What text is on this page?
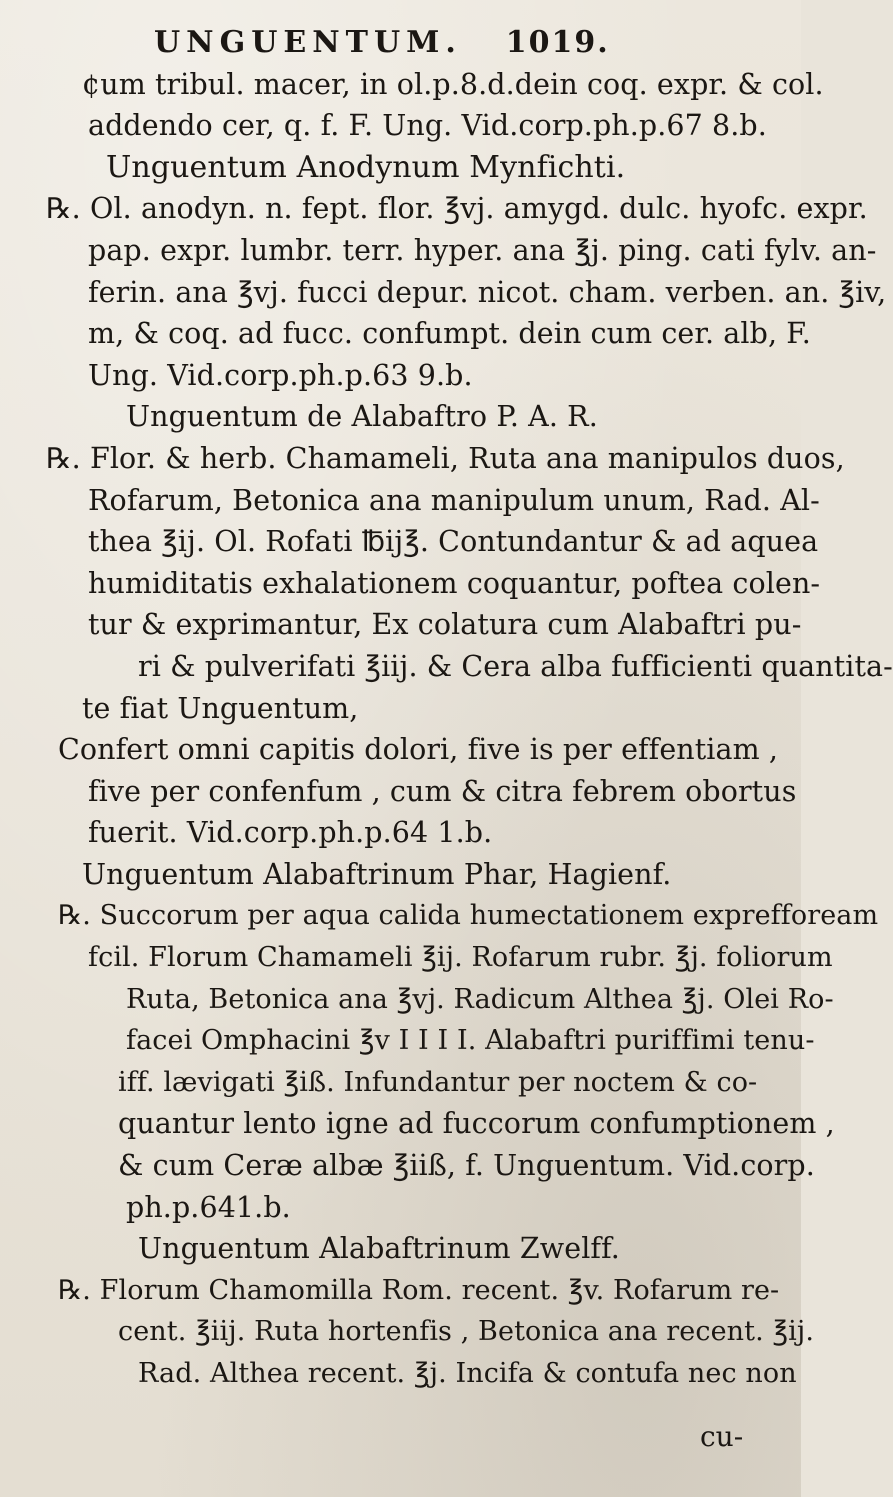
UNGUENTUM. 1019.
¢um tribul. macer, in ol.p.8.d.dein coq. expr. & col.
addendo cer, q. f. F. Ung. Vid.corp.ph.p.67 8.b.
Unguentum Anodynum Mynfichti.
℞. Ol. anodyn. n. fept. flor. ℥vj. amygd. dulc. hyofc. expr.
pap. expr. lumbr. terr. hyper. ana ℥j. ping. cati fylv. an-
ferin. ana ℥vj. fucci depur. nicot. cham. verben. an. ℥iv,
m, & coq. ad fucc. confumpt. dein cum cer. alb, F.
Ung. Vid.corp.ph.p.63 9.b.
Unguentum de Alabaftro P. A. R.
℞. Flor. & herb. Chamameli, Ruta ana manipulos duos,
Rofarum, Betonica ana manipulum unum, Rad. Al-
thea ℥ij. Ol. Rofati ℔ij℥. Contundantur & ad aquea
humiditatis exhalationem coquantur, poftea colen-
tur & exprimantur, Ex colatura cum Alabaftri pu-
ri & pulverifati ℥iij. & Cera alba fufficienti quantita-
te fiat Unguentum,
Confert omni capitis dolori, five is per effentiam ,
five per confenfum , cum & citra febrem obortus
fuerit. Vid.corp.ph.p.64 1.b.
Unguentum Alabaftrinum Phar, Hagienf.
℞. Succorum per aqua calida humectationem expreffoream
fcil. Florum Chamameli ℥ij. Rofarum rubr. ℥j. foliorum
Ruta, Betonica ana ℥vj. Radicum Althea ℥j. Olei Ro-
facei Omphacini ℥v I I I I. Alabaftri puriffimi tenu-
iff. lævigati ℥iß. Infundantur per noctem & co-
quantur lento igne ad fuccorum confumptionem ,
& cum Ceræ albæ ℥iiß, f. Unguentum. Vid.corp.
ph.p.641.b.
Unguentum Alabaftrinum Zwelff.
℞. Florum Chamomilla Rom. recent. ℥v. Rofarum re-
cent. ℥iij. Ruta hortenfis , Betonica ana recent. ℥ij.
Rad. Althea recent. ℥j. Incifa & contufa nec non
cu-
